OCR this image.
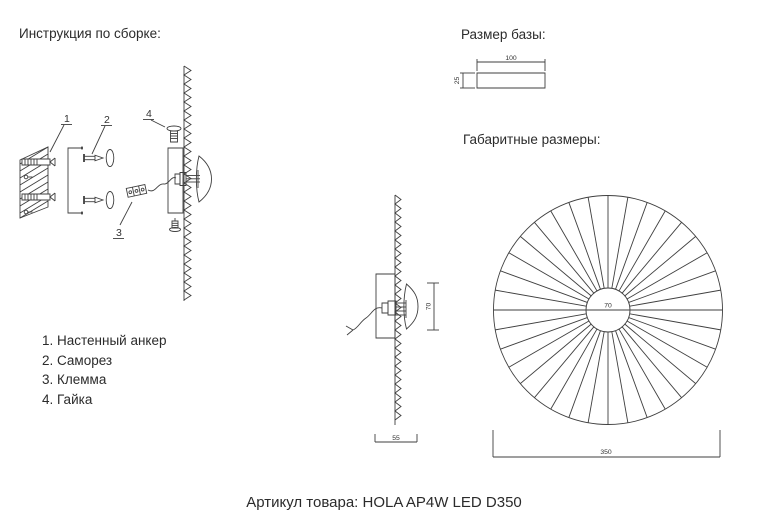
Инструкция по сборке:	Размер базы:
Габаритные размеры:
1	2	4
3
1. Настенный анкер
2. Саморез
3. Клемма
4. Гайка
100
25
70
55
70
350
Артикул товара: HOLA AP4W LED D350
